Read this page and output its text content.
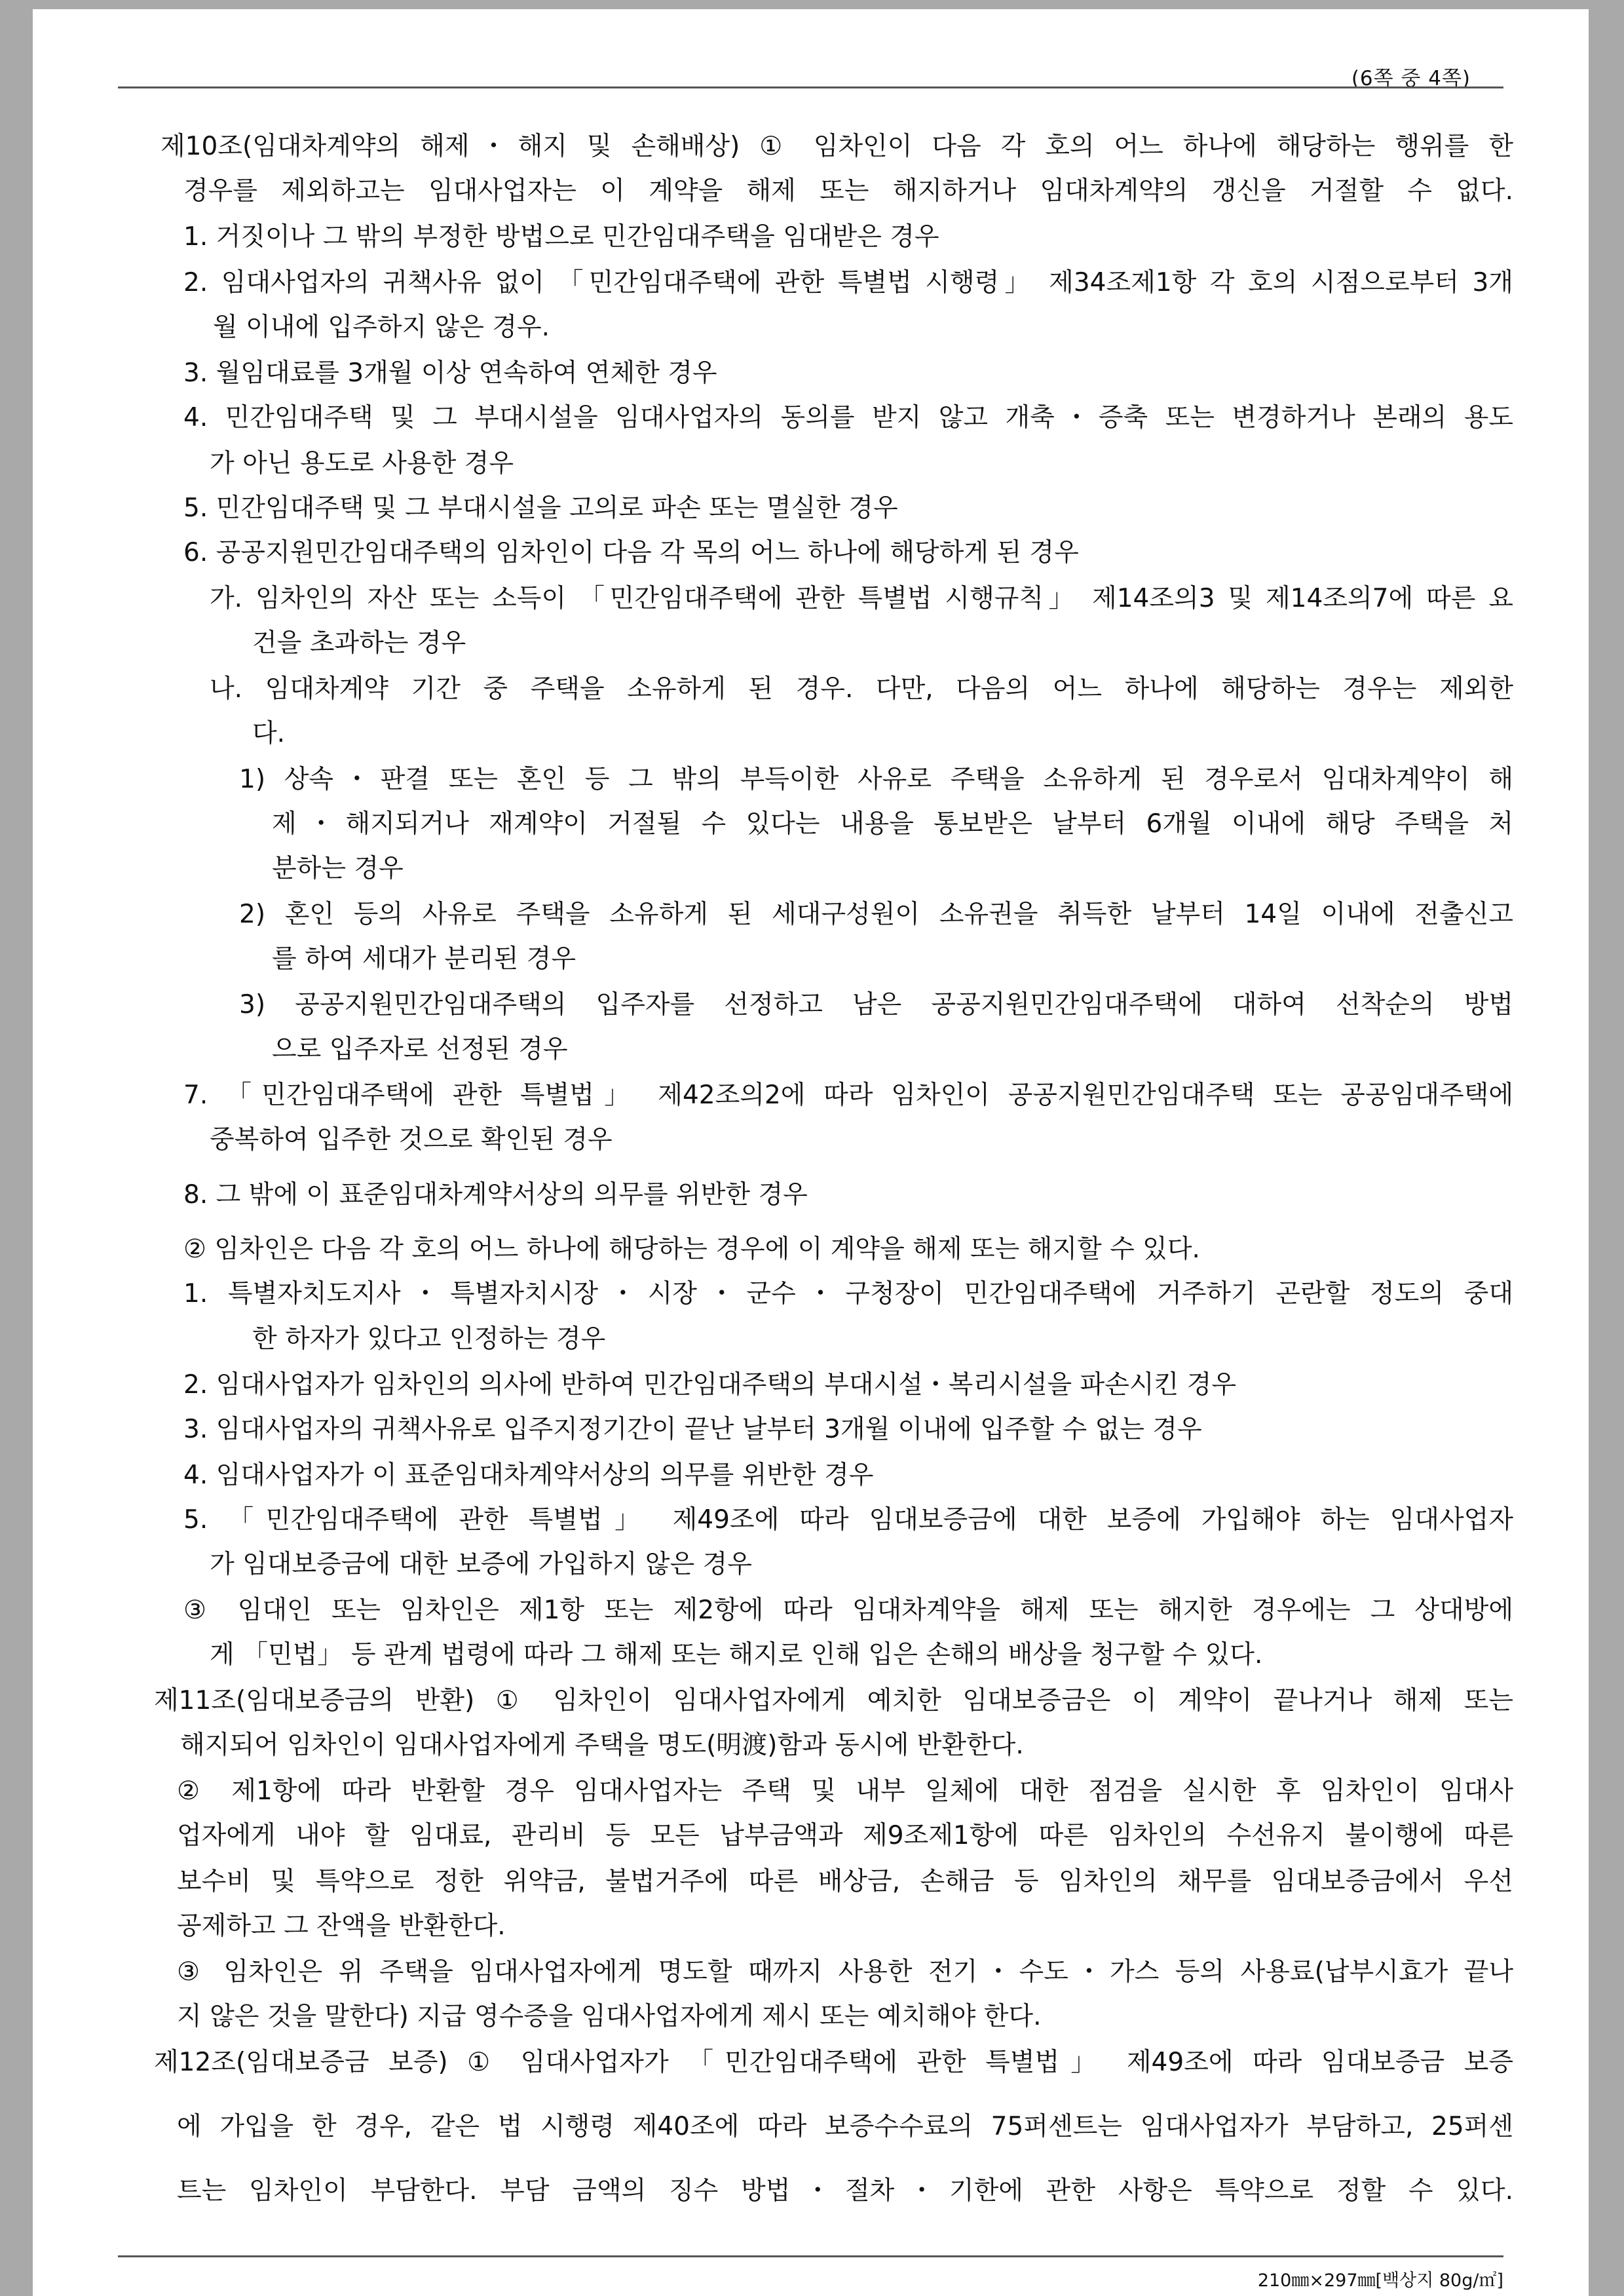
(6쪽 중 4쪽)
제10조(임대차계약의 해제・해지 및 손해배상) ① 임차인이 다음 각 호의 어느 하나에 해당하는 행위를 한
경우를 제외하고는 임대사업자는 이 계약을 해제 또는 해지하거나 임대차계약의 갱신을 거절할 수 없다.
1. 거짓이나 그 밖의 부정한 방법으로 민간임대주택을 임대받은 경우
2. 임대사업자의 귀책사유 없이 「민간임대주택에 관한 특별법 시행령」 제34조제1항 각 호의 시점으로부터 3개
월 이내에 입주하지 않은 경우.
3. 월임대료를 3개월 이상 연속하여 연체한 경우
4. 민간임대주택 및 그 부대시설을 임대사업자의 동의를 받지 않고 개축・증축 또는 변경하거나 본래의 용도
가 아닌 용도로 사용한 경우
5. 민간임대주택 및 그 부대시설을 고의로 파손 또는 멸실한 경우
6. 공공지원민간임대주택의 임차인이 다음 각 목의 어느 하나에 해당하게 된 경우
가. 임차인의 자산 또는 소득이 「민간임대주택에 관한 특별법 시행규칙」 제14조의3 및 제14조의7에 따른 요
건을 초과하는 경우
나. 임대차계약 기간 중 주택을 소유하게 된 경우. 다만, 다음의 어느 하나에 해당하는 경우는 제외한
다.
1) 상속・판결 또는 혼인 등 그 밖의 부득이한 사유로 주택을 소유하게 된 경우로서 임대차계약이 해
제・해지되거나 재계약이 거절될 수 있다는 내용을 통보받은 날부터 6개월 이내에 해당 주택을 처
분하는 경우
2) 혼인 등의 사유로 주택을 소유하게 된 세대구성원이 소유권을 취득한 날부터 14일 이내에 전출신고
를 하여 세대가 분리된 경우
3) 공공지원민간임대주택의 입주자를 선정하고 남은 공공지원민간임대주택에 대하여 선착순의 방법
으로 입주자로 선정된 경우
7. 「민간임대주택에 관한 특별법」 제42조의2에 따라 임차인이 공공지원민간임대주택 또는 공공임대주택에
중복하여 입주한 것으로 확인된 경우
8. 그 밖에 이 표준임대차계약서상의 의무를 위반한 경우
② 임차인은 다음 각 호의 어느 하나에 해당하는 경우에 이 계약을 해제 또는 해지할 수 있다.
1. 특별자치도지사・특별자치시장・시장・군수・구청장이 민간임대주택에 거주하기 곤란할 정도의 중대
한 하자가 있다고 인정하는 경우
2. 임대사업자가 임차인의 의사에 반하여 민간임대주택의 부대시설・복리시설을 파손시킨 경우
3. 임대사업자의 귀책사유로 입주지정기간이 끝난 날부터 3개월 이내에 입주할 수 없는 경우
4. 임대사업자가 이 표준임대차계약서상의 의무를 위반한 경우
5. 「민간임대주택에 관한 특별법」 제49조에 따라 임대보증금에 대한 보증에 가입해야 하는 임대사업자
가 임대보증금에 대한 보증에 가입하지 않은 경우
③ 임대인 또는 임차인은 제1항 또는 제2항에 따라 임대차계약을 해제 또는 해지한 경우에는 그 상대방에
게 「민법」 등 관계 법령에 따라 그 해제 또는 해지로 인해 입은 손해의 배상을 청구할 수 있다.
제11조(임대보증금의 반환) ① 임차인이 임대사업자에게 예치한 임대보증금은 이 계약이 끝나거나 해제 또는
해지되어 임차인이 임대사업자에게 주택을 명도(明渡)함과 동시에 반환한다.
② 제1항에 따라 반환할 경우 임대사업자는 주택 및 내부 일체에 대한 점검을 실시한 후 임차인이 임대사
업자에게 내야 할 임대료, 관리비 등 모든 납부금액과 제9조제1항에 따른 임차인의 수선유지 불이행에 따른
보수비 및 특약으로 정한 위약금, 불법거주에 따른 배상금, 손해금 등 임차인의 채무를 임대보증금에서 우선
공제하고 그 잔액을 반환한다.
③ 임차인은 위 주택을 임대사업자에게 명도할 때까지 사용한 전기・수도・가스 등의 사용료(납부시효가 끝나
지 않은 것을 말한다) 지급 영수증을 임대사업자에게 제시 또는 예치해야 한다.
제12조(임대보증금 보증) ① 임대사업자가 「민간임대주택에 관한 특별법」 제49조에 따라 임대보증금 보증
에 가입을 한 경우, 같은 법 시행령 제40조에 따라 보증수수료의 75퍼센트는 임대사업자가 부담하고, 25퍼센
트는 임차인이 부담한다. 부담 금액의 징수 방법・절차・기한에 관한 사항은 특약으로 정할 수 있다.
210㎜×297㎜[백상지 80g/㎡]
